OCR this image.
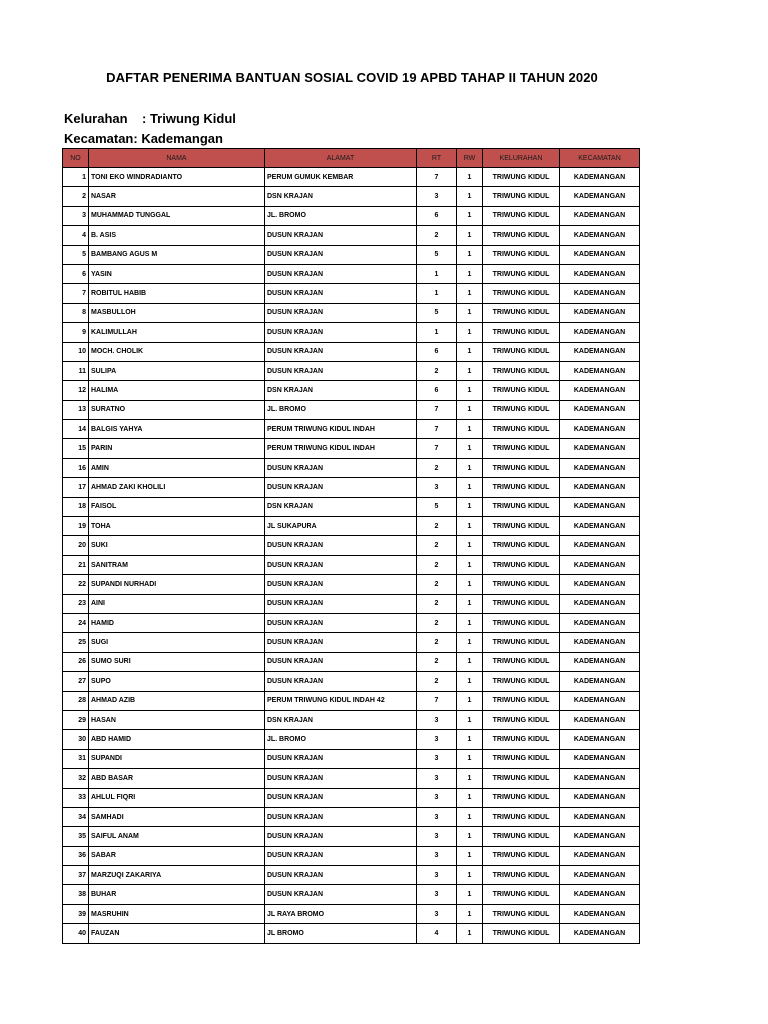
DAFTAR PENERIMA BANTUAN SOSIAL COVID 19 APBD TAHAP II TAHUN 2020
Kelurahan : Triwung Kidul
Kecamatan: Kademangan
NO	NAMA	ALAMAT	RT	RW	KELURAHAN	KECAMATAN
1	TONI EKO WINDRADIANTO	PERUM GUMUK KEMBAR	7	1	TRIWUNG KIDUL	KADEMANGAN
2	NASAR	DSN KRAJAN	3	1	TRIWUNG KIDUL	KADEMANGAN
3	MUHAMMAD TUNGGAL	JL. BROMO	6	1	TRIWUNG KIDUL	KADEMANGAN
4	B. ASIS	DUSUN KRAJAN	2	1	TRIWUNG KIDUL	KADEMANGAN
5	BAMBANG AGUS M	DUSUN KRAJAN	5	1	TRIWUNG KIDUL	KADEMANGAN
6	YASIN	DUSUN KRAJAN	1	1	TRIWUNG KIDUL	KADEMANGAN
7	ROBITUL HABIB	DUSUN KRAJAN	1	1	TRIWUNG KIDUL	KADEMANGAN
8	MASBULLOH	DUSUN KRAJAN	5	1	TRIWUNG KIDUL	KADEMANGAN
9	KALIMULLAH	DUSUN KRAJAN	1	1	TRIWUNG KIDUL	KADEMANGAN
10	MOCH. CHOLIK	DUSUN KRAJAN	6	1	TRIWUNG KIDUL	KADEMANGAN
11	SULIPA	DUSUN KRAJAN	2	1	TRIWUNG KIDUL	KADEMANGAN
12	HALIMA	DSN KRAJAN	6	1	TRIWUNG KIDUL	KADEMANGAN
13	SURATNO	JL. BROMO	7	1	TRIWUNG KIDUL	KADEMANGAN
14	BALGIS YAHYA	PERUM TRIWUNG KIDUL INDAH	7	1	TRIWUNG KIDUL	KADEMANGAN
15	PARIN	PERUM TRIWUNG KIDUL INDAH	7	1	TRIWUNG KIDUL	KADEMANGAN
16	AMIN	DUSUN KRAJAN	2	1	TRIWUNG KIDUL	KADEMANGAN
17	AHMAD ZAKI KHOLILI	DUSUN KRAJAN	3	1	TRIWUNG KIDUL	KADEMANGAN
18	FAISOL	DSN KRAJAN	5	1	TRIWUNG KIDUL	KADEMANGAN
19	TOHA	JL SUKAPURA	2	1	TRIWUNG KIDUL	KADEMANGAN
20	SUKI	DUSUN KRAJAN	2	1	TRIWUNG KIDUL	KADEMANGAN
21	SANITRAM	DUSUN KRAJAN	2	1	TRIWUNG KIDUL	KADEMANGAN
22	SUPANDI NURHADI	DUSUN KRAJAN	2	1	TRIWUNG KIDUL	KADEMANGAN
23	AINI	DUSUN KRAJAN	2	1	TRIWUNG KIDUL	KADEMANGAN
24	HAMID	DUSUN KRAJAN	2	1	TRIWUNG KIDUL	KADEMANGAN
25	SUGI	DUSUN KRAJAN	2	1	TRIWUNG KIDUL	KADEMANGAN
26	SUMO SURI	DUSUN KRAJAN	2	1	TRIWUNG KIDUL	KADEMANGAN
27	SUPO	DUSUN KRAJAN	2	1	TRIWUNG KIDUL	KADEMANGAN
28	AHMAD AZIB	PERUM TRIWUNG KIDUL INDAH 42	7	1	TRIWUNG KIDUL	KADEMANGAN
29	HASAN	DSN KRAJAN	3	1	TRIWUNG KIDUL	KADEMANGAN
30	ABD HAMID	JL. BROMO	3	1	TRIWUNG KIDUL	KADEMANGAN
31	SUPANDI	DUSUN KRAJAN	3	1	TRIWUNG KIDUL	KADEMANGAN
32	ABD BASAR	DUSUN KRAJAN	3	1	TRIWUNG KIDUL	KADEMANGAN
33	AHLUL FIQRI	DUSUN KRAJAN	3	1	TRIWUNG KIDUL	KADEMANGAN
34	SAMHADI	DUSUN KRAJAN	3	1	TRIWUNG KIDUL	KADEMANGAN
35	SAIFUL ANAM	DUSUN KRAJAN	3	1	TRIWUNG KIDUL	KADEMANGAN
36	SABAR	DUSUN KRAJAN	3	1	TRIWUNG KIDUL	KADEMANGAN
37	MARZUQI ZAKARIYA	DUSUN KRAJAN	3	1	TRIWUNG KIDUL	KADEMANGAN
38	BUHAR	DUSUN KRAJAN	3	1	TRIWUNG KIDUL	KADEMANGAN
39	MASRUHIN	JL RAYA BROMO	3	1	TRIWUNG KIDUL	KADEMANGAN
40	FAUZAN	JL BROMO	4	1	TRIWUNG KIDUL	KADEMANGAN
